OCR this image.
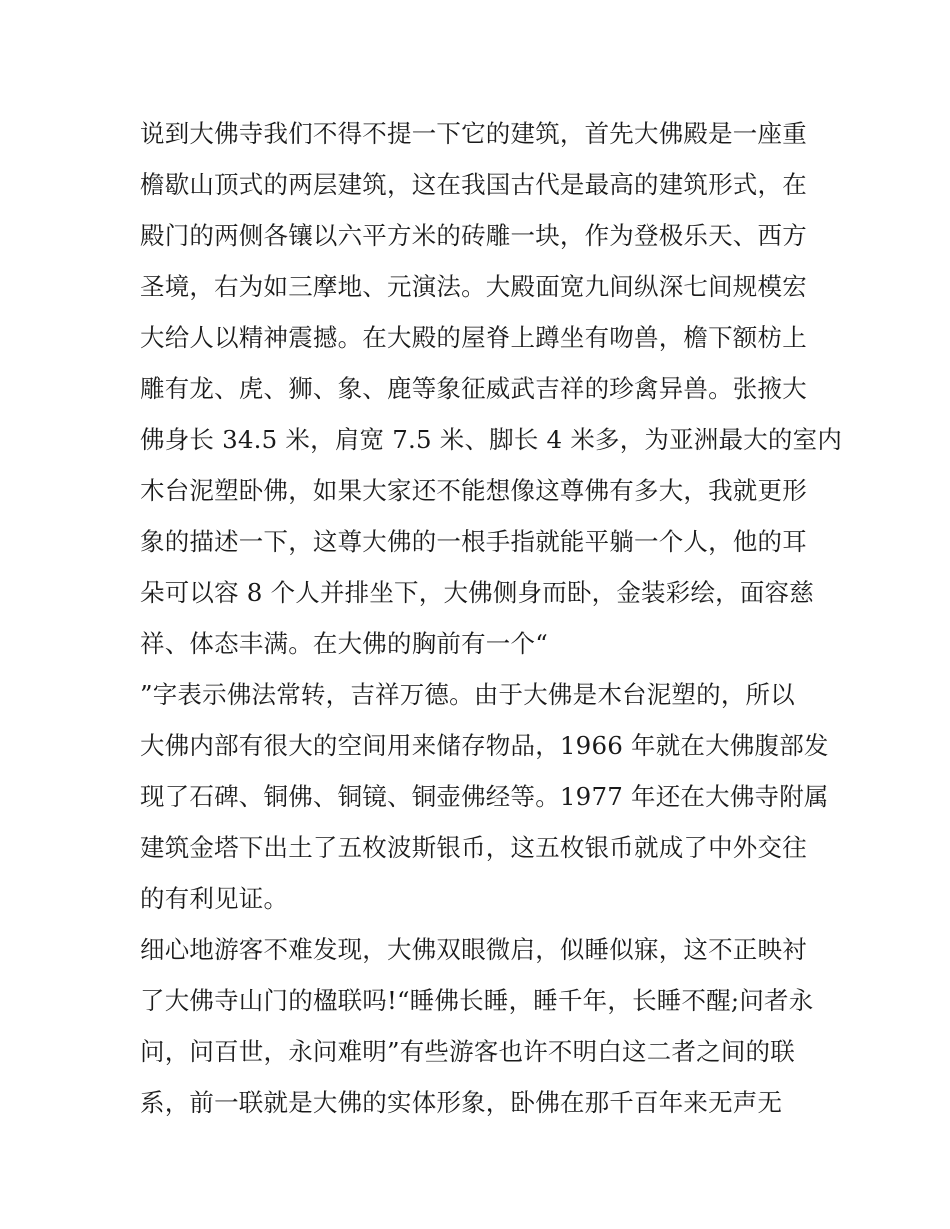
说到大佛寺我们不得不提一下它的建筑，首先大佛殿是一座重
檐歇山顶式的两层建筑，这在我国古代是最高的建筑形式，在
殿门的两侧各镶以六平方米的砖雕一块，作为登极乐天、西方
圣境，右为如三摩地、元演法。大殿面宽九间纵深七间规模宏
大给人以精神震撼。在大殿的屋脊上蹲坐有吻兽，檐下额枋上
雕有龙、虎、狮、象、鹿等象征威武吉祥的珍禽异兽。张掖大
佛身长 34.5 米，肩宽 7.5 米、脚长 4 米多，为亚洲最大的室内
木台泥塑卧佛，如果大家还不能想像这尊佛有多大，我就更形
象的描述一下，这尊大佛的一根手指就能平躺一个人，他的耳
朵可以容 8 个人并排坐下，大佛侧身而卧，金装彩绘，面容慈
祥、体态丰满。在大佛的胸前有一个“
”字表示佛法常转，吉祥万德。由于大佛是木台泥塑的，所以
大佛内部有很大的空间用来储存物品，1966 年就在大佛腹部发
现了石碑、铜佛、铜镜、铜壶佛经等。1977 年还在大佛寺附属
建筑金塔下出土了五枚波斯银币，这五枚银币就成了中外交往
的有利见证。
细心地游客不难发现，大佛双眼微启，似睡似寐，这不正映衬
了大佛寺山门的楹联吗!“睡佛长睡，睡千年，长睡不醒;问者永
问，问百世，永问难明”有些游客也许不明白这二者之间的联
系，前一联就是大佛的实体形象，卧佛在那千百年来无声无
